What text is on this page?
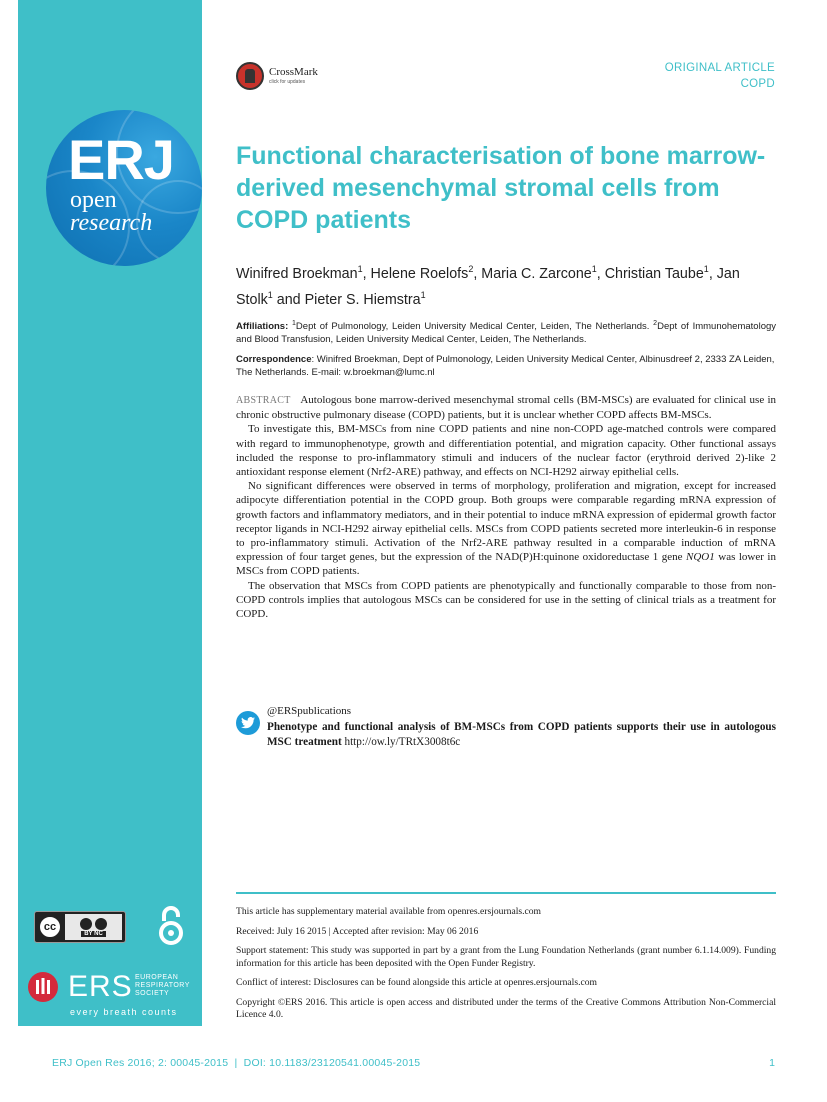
ERJ
open
research
cc
BY NC
ERS EUROPEAN
RESPIRATORY
SOCIETY
every breath counts
CrossMark
click for updates
ORIGINAL ARTICLE
COPD
Functional characterisation of bone marrow-derived mesenchymal stromal cells from COPD patients
Winifred Broekman$^1$, Helene Roelofs$^2$, Maria C. Zarcone$^1$, Christian Taube$^1$, Jan Stolk$^1$ and Pieter S. Hiemstra$^1$
Affiliations: $^1$Dept of Pulmonology, Leiden University Medical Center, Leiden, The Netherlands. $^2$Dept of Immunohematology and Blood Transfusion, Leiden University Medical Center, Leiden, The Netherlands.
Correspondence: Winifred Broekman, Dept of Pulmonology, Leiden University Medical Center, Albinusdreef 2, 2333 ZA Leiden, The Netherlands. E-mail: w.broekman@lumc.nl

ABSTRACT Autologous bone marrow-derived mesenchymal stromal cells (BM-MSCs) are evaluated for clinical use in chronic obstructive pulmonary disease (COPD) patients, but it is unclear whether COPD affects BM-MSCs.

To investigate this, BM-MSCs from nine COPD patients and nine non-COPD age-matched controls were compared with regard to immunophenotype, growth and differentiation potential, and migration capacity. Other functional assays included the response to pro-inflammatory stimuli and inducers of the nuclear factor (erythroid derived 2)-like 2 antioxidant response element (Nrf2-ARE) pathway, and effects on NCI-H292 airway epithelial cells.

No significant differences were observed in terms of morphology, proliferation and migration, except for increased adipocyte differentiation potential in the COPD group. Both groups were comparable regarding mRNA expression of growth factors and inflammatory mediators, and in their potential to induce mRNA expression of epidermal growth factor receptor ligands in NCI-H292 airway epithelial cells. MSCs from COPD patients secreted more interleukin-6 in response to pro-inflammatory stimuli. Activation of the Nrf2-ARE pathway resulted in a comparable induction of mRNA expression of four target genes, but the expression of the NAD(P)H:quinone oxidoreductase 1 gene NQO1 was lower in MSCs from COPD patients.

The observation that MSCs from COPD patients are phenotypically and functionally comparable to those from non-COPD controls implies that autologous MSCs can be considered for use in the setting of clinical trials as a treatment for COPD.

@ERSpublications
Phenotype and functional analysis of BM-MSCs from COPD patients supports their use in autologous MSC treatment http://ow.ly/TRtX3008t6c

This article has supplementary material available from openres.ersjournals.com

Received: July 16 2015 | Accepted after revision: May 06 2016

Support statement: This study was supported in part by a grant from the Lung Foundation Netherlands (grant number 6.1.14.009). Funding information for this article has been deposited with the Open Funder Registry.

Conflict of interest: Disclosures can be found alongside this article at openres.ersjournals.com

Copyright ©ERS 2016. This article is open access and distributed under the terms of the Creative Commons Attribution Non-Commercial Licence 4.0.

ERJ Open Res 2016; 2: 00045-2015  |  DOI: 10.1183/23120541.00045-2015	1
